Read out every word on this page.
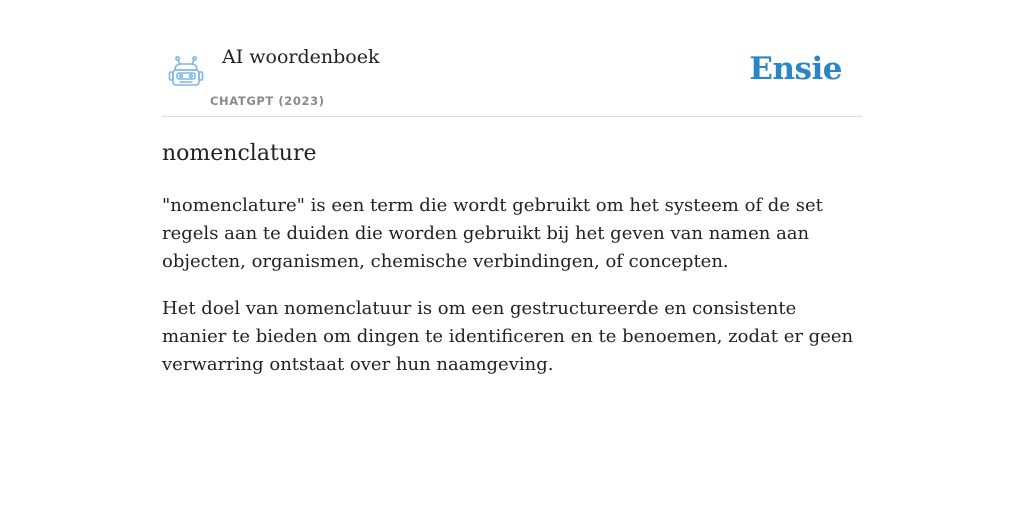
AI woordenboek
CHATGPT (2023)
Ensie
nomenclature

"nomenclature" is een term die wordt gebruikt om het systeem of de set regels aan te duiden die worden gebruikt bij het geven van namen aan objecten, organismen, chemische verbindingen, of concepten.

Het doel van nomenclatuur is om een gestructureerde en consistente manier te bieden om dingen te identificeren en te benoemen, zodat er geen verwarring ontstaat over hun naamgeving.
